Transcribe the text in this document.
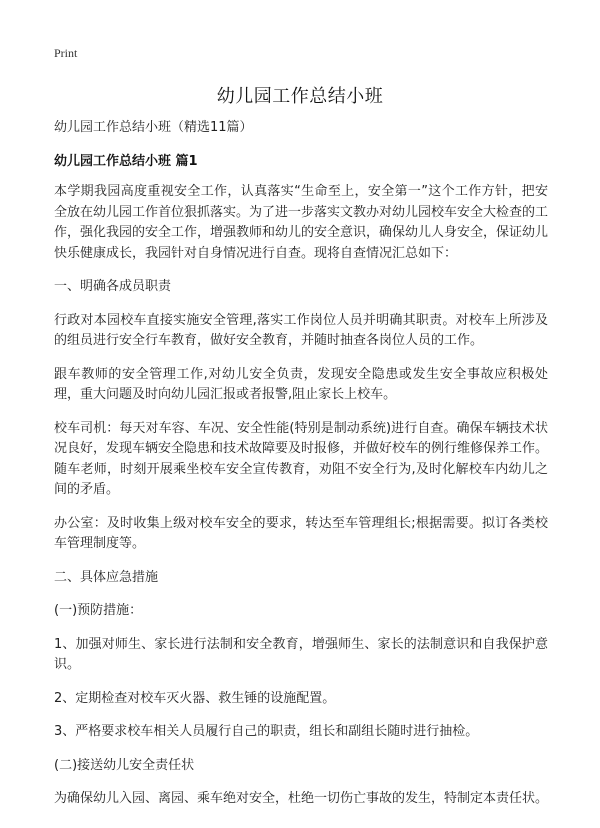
Print
幼儿园工作总结小班

幼儿园工作总结小班（精选11篇）

幼儿园工作总结小班 篇1

本学期我园高度重视安全工作，认真落实“生命至上，安全第一”这个工作方针，把安全放在幼儿园工作首位狠抓落实。为了进一步落实文教办对幼儿园校车安全大检查的工作，强化我园的安全工作，增强教师和幼儿的安全意识，确保幼儿人身安全，保证幼儿快乐健康成长，我园针对自身情况进行自查。现将自查情况汇总如下：

一、明确各成员职责

行政对本园校车直接实施安全管理,落实工作岗位人员并明确其职责。对校车上所涉及的组员进行安全行车教育，做好安全教育，并随时抽查各岗位人员的工作。

跟车教师的安全管理工作,对幼儿安全负责，发现安全隐患或发生安全事故应积极处理，重大问题及时向幼儿园汇报或者报警,阻止家长上校车。

校车司机：每天对车容、车况、安全性能(特别是制动系统)进行自查。确保车辆技术状况良好，发现车辆安全隐患和技术故障要及时报修，并做好校车的例行维修保养工作。随车老师，时刻开展乘坐校车安全宣传教育，劝阻不安全行为,及时化解校车内幼儿之间的矛盾。

办公室：及时收集上级对校车安全的要求，转达至车管理组长;根据需要。拟订各类校车管理制度等。

二、具体应急措施

(一)预防措施：

1、加强对师生、家长进行法制和安全教育，增强师生、家长的法制意识和自我保护意识。

2、定期检查对校车灭火器、救生锤的设施配置。

3、严格要求校车相关人员履行自己的职责，组长和副组长随时进行抽检。

(二)接送幼儿安全责任状

为确保幼儿入园、离园、乘车绝对安全，杜绝一切伤亡事故的发生，特制定本责任状。
